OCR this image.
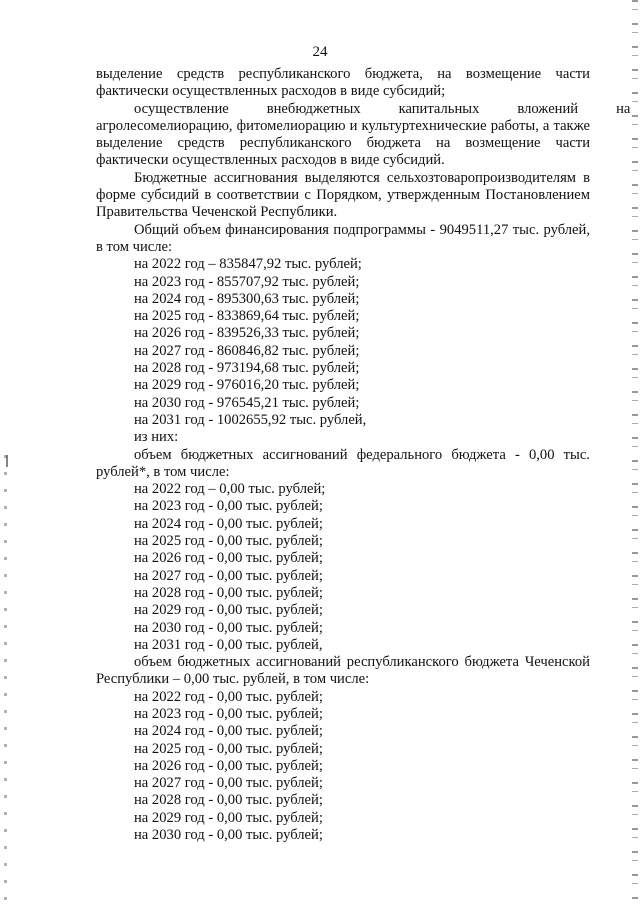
24

выделение средств республиканского бюджета, на возмещение части фактически осуществленных расходов в виде субсидий;

осуществление	внебюджетных	капитальных	вложений	на

агролесомелиорацию, фитомелиорацию и культуртехнические работы, а также выделение средств республиканского бюджета на возмещение части фактически осуществленных расходов в виде субсидий.

Бюджетные ассигнования выделяются сельхозтоваропроизводителям в форме субсидий в соответствии с Порядком, утвержденным Постановлением Правительства Чеченской Республики.

Общий объем финансирования подпрограммы - 9049511,27 тыс. рублей, в том числе:

на 2022 год – 835847,92 тыс. рублей;

на 2023 год - 855707,92 тыс. рублей;

на 2024 год - 895300,63 тыс. рублей;

на 2025 год - 833869,64 тыс. рублей;

на 2026 год - 839526,33 тыс. рублей;

на 2027 год - 860846,82 тыс. рублей;

на 2028 год - 973194,68 тыс. рублей;

на 2029 год - 976016,20 тыс. рублей;

на 2030 год - 976545,21 тыс. рублей;

на 2031 год - 1002655,92 тыс. рублей,

из них:

объем бюджетных ассигнований федерального бюджета - 0,00 тыс. рублей*, в том числе:

на 2022 год – 0,00 тыс. рублей;

на 2023 год - 0,00 тыс. рублей;

на 2024 год - 0,00 тыс. рублей;

на 2025 год - 0,00 тыс. рублей;

на 2026 год - 0,00 тыс. рублей;

на 2027 год - 0,00 тыс. рублей;

на 2028 год - 0,00 тыс. рублей;

на 2029 год - 0,00 тыс. рублей;

на 2030 год - 0,00 тыс. рублей;

на 2031 год - 0,00 тыс. рублей,

объем бюджетных ассигнований республиканского бюджета Чеченской Республики – 0,00 тыс. рублей, в том числе:

на 2022 год - 0,00 тыс. рублей;

на 2023 год - 0,00 тыс. рублей;

на 2024 год - 0,00 тыс. рублей;

на 2025 год - 0,00 тыс. рублей;

на 2026 год - 0,00 тыс. рублей;

на 2027 год - 0,00 тыс. рублей;

на 2028 год - 0,00 тыс. рублей;

на 2029 год - 0,00 тыс. рублей;

на 2030 год - 0,00 тыс. рублей;
